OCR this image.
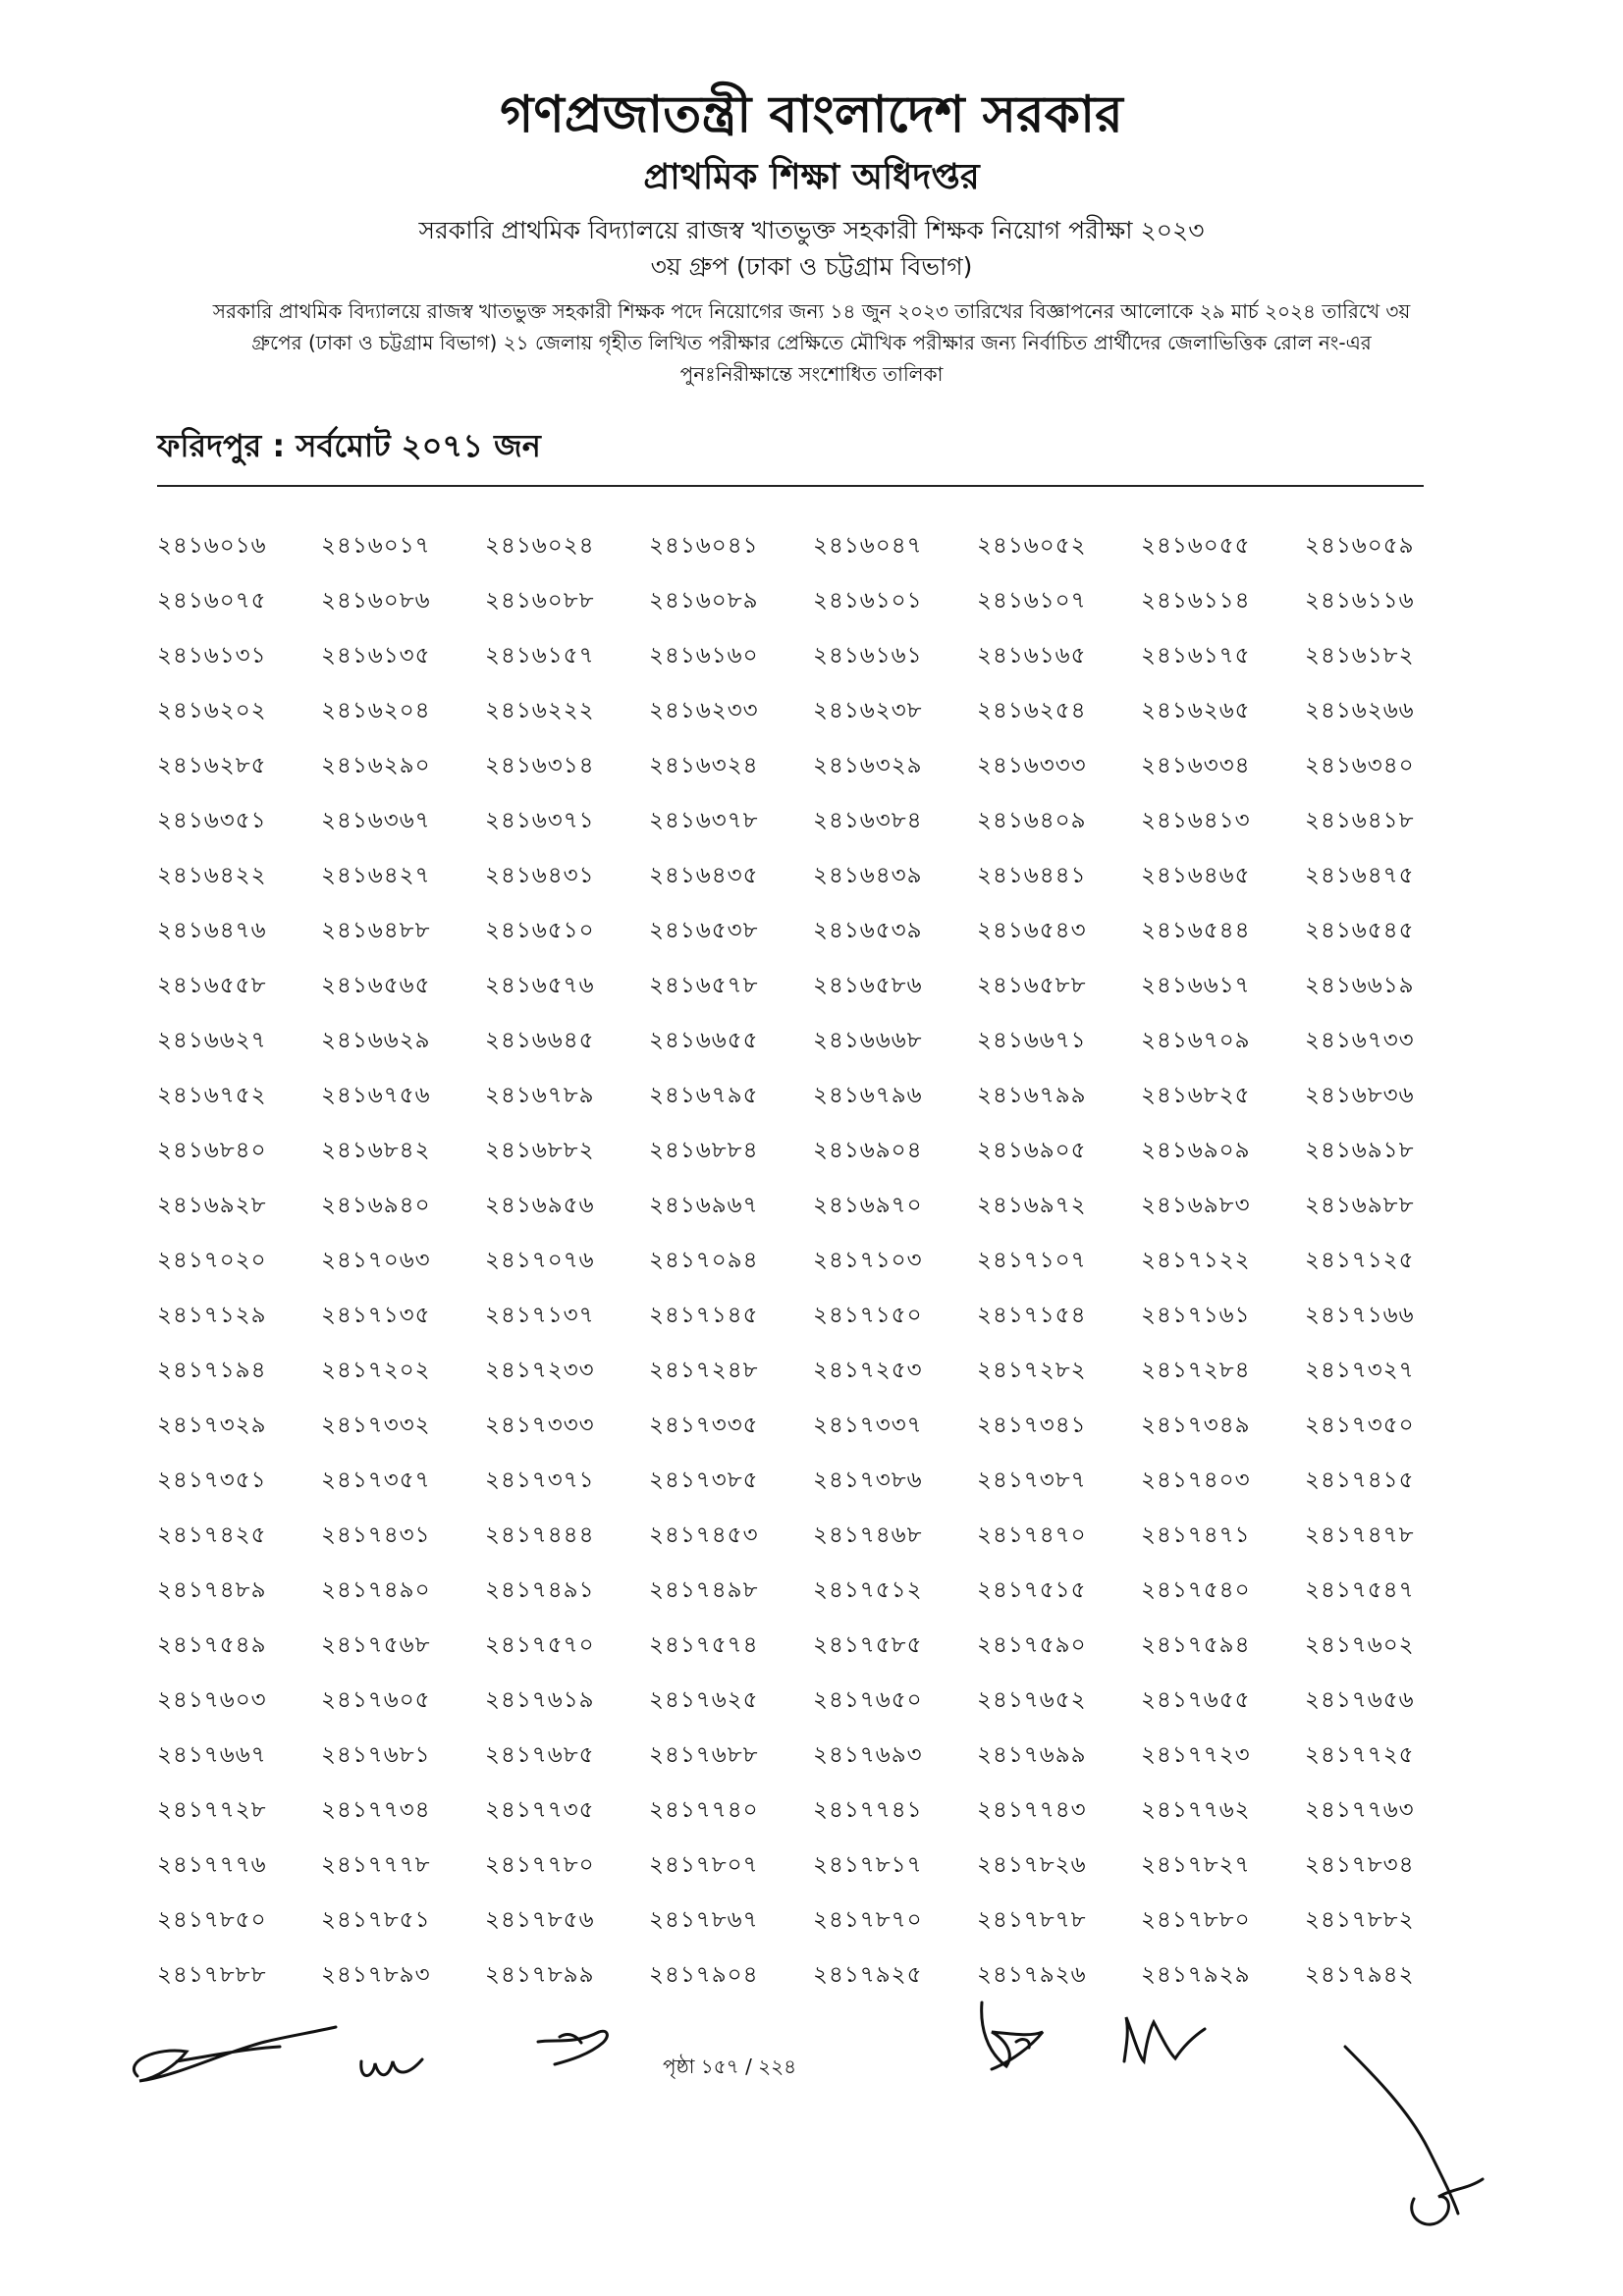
গণপ্রজাতন্ত্রী বাংলাদেশ সরকার
প্রাথমিক শিক্ষা অধিদপ্তর
সরকারি প্রাথমিক বিদ্যালয়ে রাজস্ব খাতভুক্ত সহকারী শিক্ষক নিয়োগ পরীক্ষা ২০২৩
৩য় গ্রুপ (ঢাকা ও চট্টগ্রাম বিভাগ)
সরকারি প্রাথমিক বিদ্যালয়ে রাজস্ব খাতভুক্ত সহকারী শিক্ষক পদে নিয়োগের জন্য ১৪ জুন ২০২৩ তারিখের বিজ্ঞাপনের আলোকে ২৯ মার্চ ২০২৪ তারিখে ৩য় গ্রুপের (ঢাকা ও চট্টগ্রাম বিভাগ) ২১ জেলায় গৃহীত লিখিত পরীক্ষার প্রেক্ষিতে মৌখিক পরীক্ষার জন্য নির্বাচিত প্রার্থীদের জেলাভিত্তিক রোল নং-এর পুনঃনিরীক্ষান্তে সংশোধিত তালিকা
ফরিদপুর : সর্বমোট ২০৭১ জন
২৪১৬০১৬	২৪১৬০১৭	২৪১৬০২৪	২৪১৬০৪১	২৪১৬০৪৭	২৪১৬০৫২	২৪১৬০৫৫	২৪১৬০৫৯
২৪১৬০৭৫	২৪১৬০৮৬	২৪১৬০৮৮	২৪১৬০৮৯	২৪১৬১০১	২৪১৬১০৭	২৪১৬১১৪	২৪১৬১১৬
২৪১৬১৩১	২৪১৬১৩৫	২৪১৬১৫৭	২৪১৬১৬০	২৪১৬১৬১	২৪১৬১৬৫	২৪১৬১৭৫	২৪১৬১৮২
২৪১৬২০২	২৪১৬২০৪	২৪১৬২২২	২৪১৬২৩৩	২৪১৬২৩৮	২৪১৬২৫৪	২৪১৬২৬৫	২৪১৬২৬৬
২৪১৬২৮৫	২৪১৬২৯০	২৪১৬৩১৪	২৪১৬৩২৪	২৪১৬৩২৯	২৪১৬৩৩৩	২৪১৬৩৩৪	২৪১৬৩৪০
২৪১৬৩৫১	২৪১৬৩৬৭	২৪১৬৩৭১	২৪১৬৩৭৮	২৪১৬৩৮৪	২৪১৬৪০৯	২৪১৬৪১৩	২৪১৬৪১৮
২৪১৬৪২২	২৪১৬৪২৭	২৪১৬৪৩১	২৪১৬৪৩৫	২৪১৬৪৩৯	২৪১৬৪৪১	২৪১৬৪৬৫	২৪১৬৪৭৫
২৪১৬৪৭৬	২৪১৬৪৮৮	২৪১৬৫১০	২৪১৬৫৩৮	২৪১৬৫৩৯	২৪১৬৫৪৩	২৪১৬৫৪৪	২৪১৬৫৪৫
২৪১৬৫৫৮	২৪১৬৫৬৫	২৪১৬৫৭৬	২৪১৬৫৭৮	২৪১৬৫৮৬	২৪১৬৫৮৮	২৪১৬৬১৭	২৪১৬৬১৯
২৪১৬৬২৭	২৪১৬৬২৯	২৪১৬৬৪৫	২৪১৬৬৫৫	২৪১৬৬৬৮	২৪১৬৬৭১	২৪১৬৭০৯	২৪১৬৭৩৩
২৪১৬৭৫২	২৪১৬৭৫৬	২৪১৬৭৮৯	২৪১৬৭৯৫	২৪১৬৭৯৬	২৪১৬৭৯৯	২৪১৬৮২৫	২৪১৬৮৩৬
২৪১৬৮৪০	২৪১৬৮৪২	২৪১৬৮৮২	২৪১৬৮৮৪	২৪১৬৯০৪	২৪১৬৯০৫	২৪১৬৯০৯	২৪১৬৯১৮
২৪১৬৯২৮	২৪১৬৯৪০	২৪১৬৯৫৬	২৪১৬৯৬৭	২৪১৬৯৭০	২৪১৬৯৭২	২৪১৬৯৮৩	২৪১৬৯৮৮
২৪১৭০২০	২৪১৭০৬৩	২৪১৭০৭৬	২৪১৭০৯৪	২৪১৭১০৩	২৪১৭১০৭	২৪১৭১২২	২৪১৭১২৫
২৪১৭১২৯	২৪১৭১৩৫	২৪১৭১৩৭	২৪১৭১৪৫	২৪১৭১৫০	২৪১৭১৫৪	২৪১৭১৬১	২৪১৭১৬৬
২৪১৭১৯৪	২৪১৭২০২	২৪১৭২৩৩	২৪১৭২৪৮	২৪১৭২৫৩	২৪১৭২৮২	২৪১৭২৮৪	২৪১৭৩২৭
২৪১৭৩২৯	২৪১৭৩৩২	২৪১৭৩৩৩	২৪১৭৩৩৫	২৪১৭৩৩৭	২৪১৭৩৪১	২৪১৭৩৪৯	২৪১৭৩৫০
২৪১৭৩৫১	২৪১৭৩৫৭	২৪১৭৩৭১	২৪১৭৩৮৫	২৪১৭৩৮৬	২৪১৭৩৮৭	২৪১৭৪০৩	২৪১৭৪১৫
২৪১৭৪২৫	২৪১৭৪৩১	২৪১৭৪৪৪	২৪১৭৪৫৩	২৪১৭৪৬৮	২৪১৭৪৭০	২৪১৭৪৭১	২৪১৭৪৭৮
২৪১৭৪৮৯	২৪১৭৪৯০	২৪১৭৪৯১	২৪১৭৪৯৮	২৪১৭৫১২	২৪১৭৫১৫	২৪১৭৫৪০	২৪১৭৫৪৭
২৪১৭৫৪৯	২৪১৭৫৬৮	২৪১৭৫৭০	২৪১৭৫৭৪	২৪১৭৫৮৫	২৪১৭৫৯০	২৪১৭৫৯৪	২৪১৭৬০২
২৪১৭৬০৩	২৪১৭৬০৫	২৪১৭৬১৯	২৪১৭৬২৫	২৪১৭৬৫০	২৪১৭৬৫২	২৪১৭৬৫৫	২৪১৭৬৫৬
২৪১৭৬৬৭	২৪১৭৬৮১	২৪১৭৬৮৫	২৪১৭৬৮৮	২৪১৭৬৯৩	২৪১৭৬৯৯	২৪১৭৭২৩	২৪১৭৭২৫
২৪১৭৭২৮	২৪১৭৭৩৪	২৪১৭৭৩৫	২৪১৭৭৪০	২৪১৭৭৪১	২৪১৭৭৪৩	২৪১৭৭৬২	২৪১৭৭৬৩
২৪১৭৭৭৬	২৪১৭৭৭৮	২৪১৭৭৮০	২৪১৭৮০৭	২৪১৭৮১৭	২৪১৭৮২৬	২৪১৭৮২৭	২৪১৭৮৩৪
২৪১৭৮৫০	২৪১৭৮৫১	২৪১৭৮৫৬	২৪১৭৮৬৭	২৪১৭৮৭০	২৪১৭৮৭৮	২৪১৭৮৮০	২৪১৭৮৮২
২৪১৭৮৮৮	২৪১৭৮৯৩	২৪১৭৮৯৯	২৪১৭৯০৪	২৪১৭৯২৫	২৪১৭৯২৬	২৪১৭৯২৯	২৪১৭৯৪২
পৃষ্ঠা ১৫৭ / ২২৪
